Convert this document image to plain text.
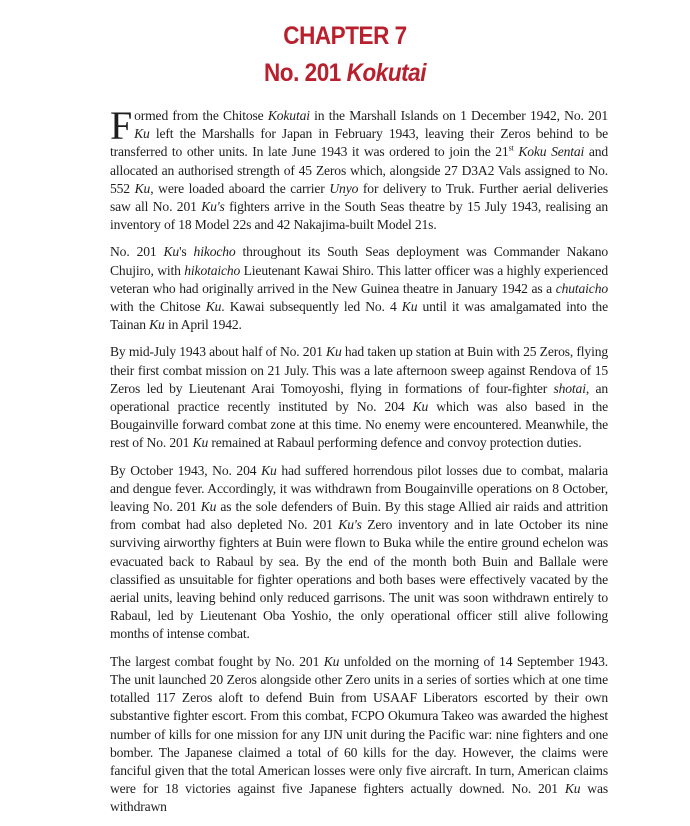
CHAPTER 7
No. 201 Kokutai

Formed from the Chitose Kokutai in the Marshall Islands on 1 December 1942, No. 201 Ku left the Marshalls for Japan in February 1943, leaving their Zeros behind to be transferred to other units. In late June 1943 it was ordered to join the 21st Koku Sentai and allocated an authorised strength of 45 Zeros which, alongside 27 D3A2 Vals assigned to No. 552 Ku, were loaded aboard the carrier Unyo for delivery to Truk. Further aerial deliveries saw all No. 201 Ku's fighters arrive in the South Seas theatre by 15 July 1943, realising an inventory of 18 Model 22s and 42 Nakajima-built Model 21s.

No. 201 Ku's hikocho throughout its South Seas deployment was Commander Nakano Chujiro, with hikotaicho Lieutenant Kawai Shiro. This latter officer was a highly experienced veteran who had originally arrived in the New Guinea theatre in January 1942 as a chutaicho with the Chitose Ku. Kawai subsequently led No. 4 Ku until it was amalgamated into the Tainan Ku in April 1942.

By mid-July 1943 about half of No. 201 Ku had taken up station at Buin with 25 Zeros, flying their first combat mission on 21 July. This was a late afternoon sweep against Rendova of 15 Zeros led by Lieutenant Arai Tomoyoshi, flying in formations of four-fighter shotai, an operational practice recently instituted by No. 204 Ku which was also based in the Bougainville forward combat zone at this time. No enemy were encountered. Meanwhile, the rest of No. 201 Ku remained at Rabaul performing defence and convoy protection duties.

By October 1943, No. 204 Ku had suffered horrendous pilot losses due to combat, malaria and dengue fever. Accordingly, it was withdrawn from Bougainville operations on 8 October, leaving No. 201 Ku as the sole defenders of Buin. By this stage Allied air raids and attrition from combat had also depleted No. 201 Ku's Zero inventory and in late October its nine surviving airworthy fighters at Buin were flown to Buka while the entire ground echelon was evacuated back to Rabaul by sea. By the end of the month both Buin and Ballale were classified as unsuitable for fighter operations and both bases were effectively vacated by the aerial units, leaving behind only reduced garrisons. The unit was soon withdrawn entirely to Rabaul, led by Lieutenant Oba Yoshio, the only operational officer still alive following months of intense combat.

The largest combat fought by No. 201 Ku unfolded on the morning of 14 September 1943. The unit launched 20 Zeros alongside other Zero units in a series of sorties which at one time totalled 117 Zeros aloft to defend Buin from USAAF Liberators escorted by their own substantive fighter escort. From this combat, FCPO Okumura Takeo was awarded the highest number of kills for one mission for any IJN unit during the Pacific war: nine fighters and one bomber. The Japanese claimed a total of 60 kills for the day. However, the claims were fanciful given that the total American losses were only five aircraft. In turn, American claims were for 18 victories against five Japanese fighters actually downed. No. 201 Ku was withdrawn
